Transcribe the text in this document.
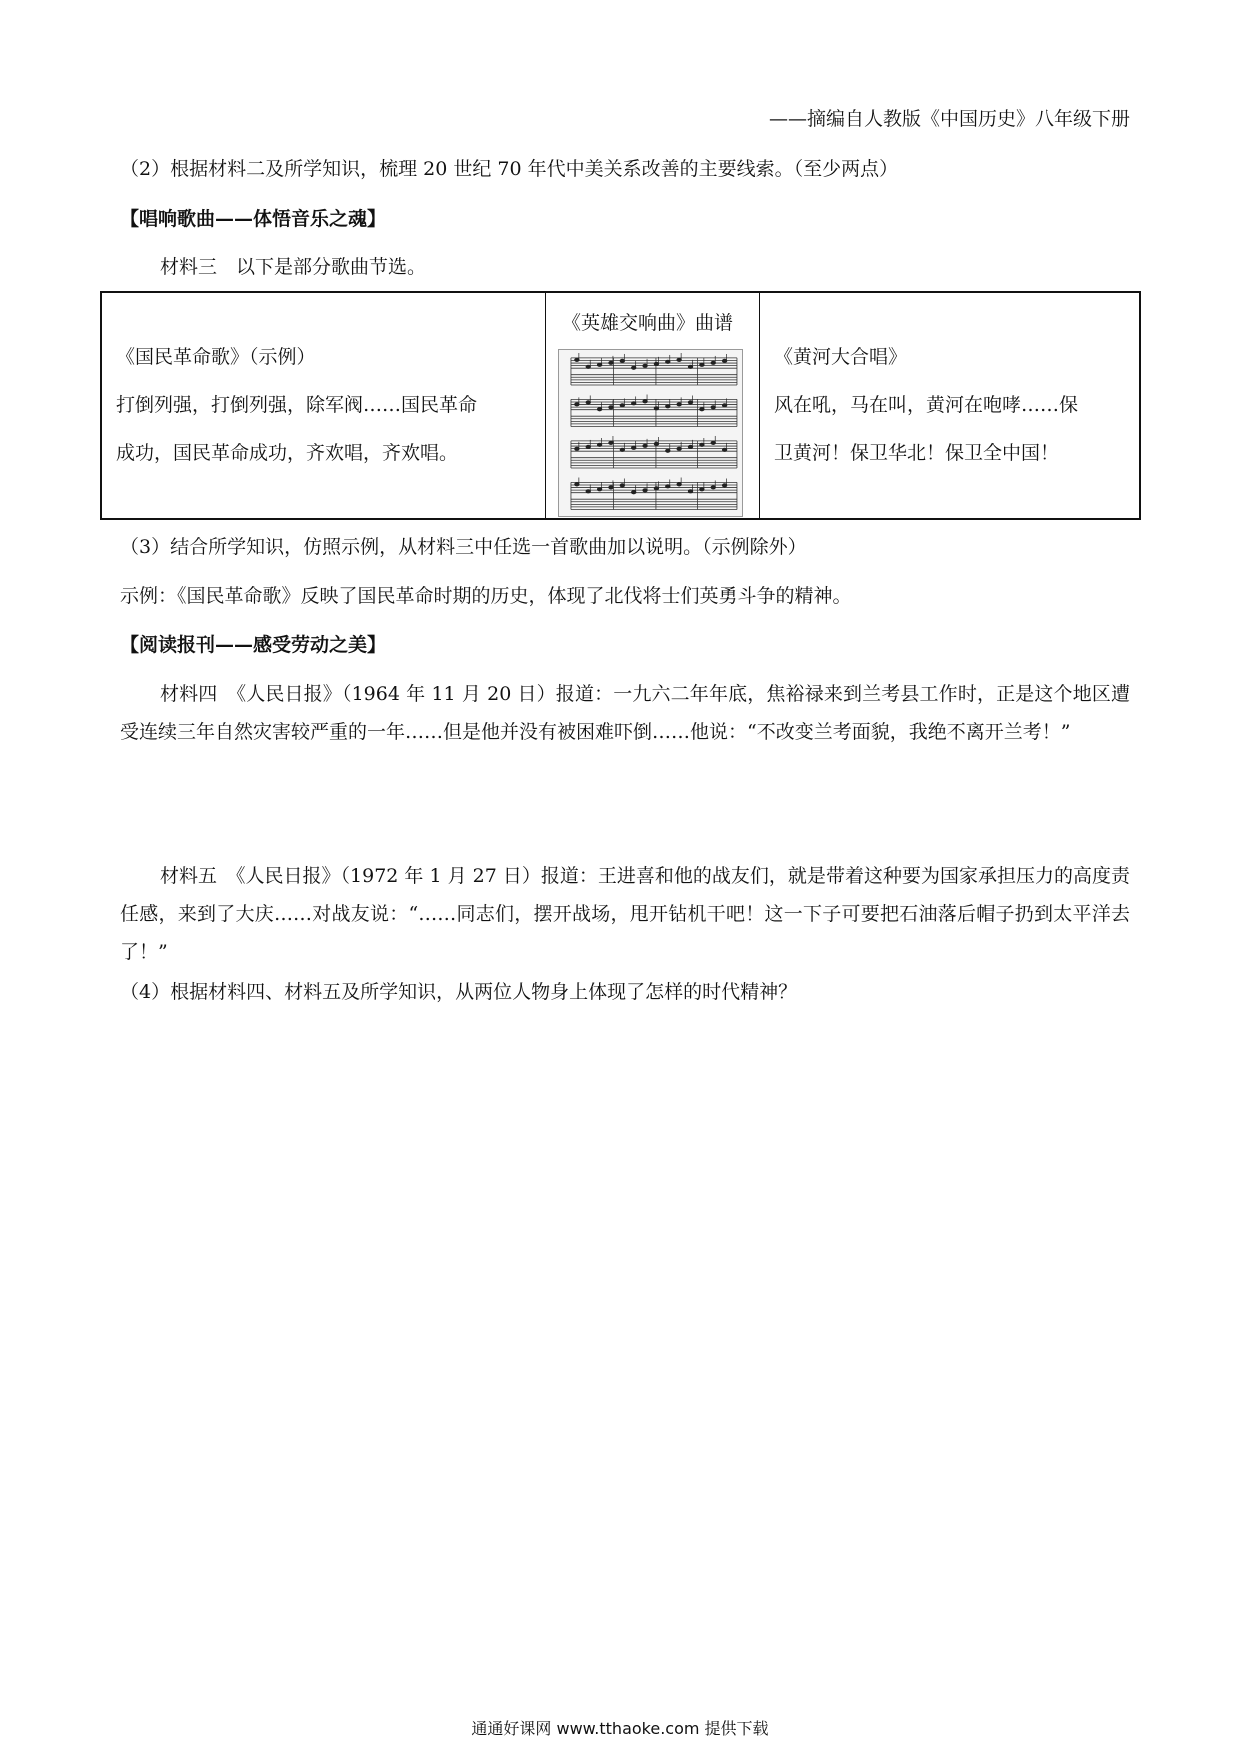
——摘编自人教版《中国历史》八年级下册
（2）根据材料二及所学知识，梳理 20 世纪 70 年代中美关系改善的主要线索。（至少两点）
【唱响歌曲——体悟音乐之魂】
材料三　以下是部分歌曲节选。
《国民革命歌》（示例）
打倒列强，打倒列强，除军阀……国民革命
成功，国民革命成功，齐欢唱，齐欢唱。
《英雄交响曲》曲谱
《黄河大合唱》
风在吼，马在叫，黄河在咆哮……保
卫黄河！保卫华北！保卫全中国！
（3）结合所学知识，仿照示例，从材料三中任选一首歌曲加以说明。（示例除外）
示例：《国民革命歌》反映了国民革命时期的历史，体现了北伐将士们英勇斗争的精神。
【阅读报刊——感受劳动之美】
材料四　《人民日报》（1964 年 11 月 20 日）报道：一九六二年年底，焦裕禄来到兰考县工作时，正是这个地区遭受连续三年自然灾害较严重的一年……但是他并没有被困难吓倒……他说：“不改变兰考面貌，我绝不离开兰考！”
材料五　《人民日报》（1972 年 1 月 27 日）报道：王进喜和他的战友们，就是带着这种要为国家承担压力的高度责任感，来到了大庆……对战友说：“……同志们，摆开战场，甩开钻机干吧！这一下子可要把石油落后帽子扔到太平洋去了！”
（4）根据材料四、材料五及所学知识，从两位人物身上体现了怎样的时代精神？
通通好课网 www.tthaoke.com 提供下载
